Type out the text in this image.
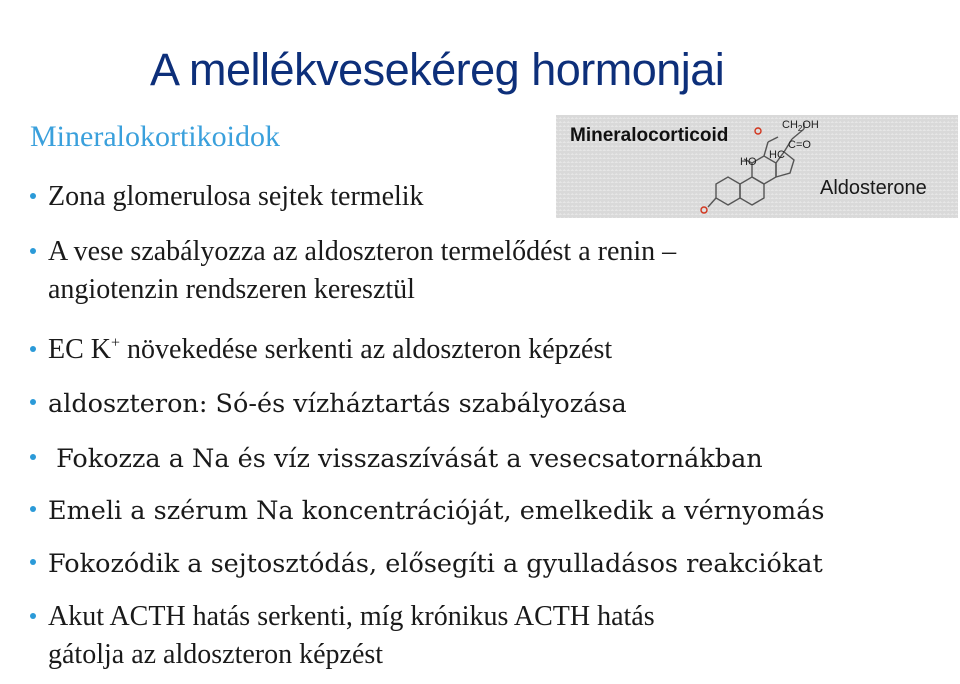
A mellékvesekéreg hormonjai
Mineralokortikoidok	$CH_2OH$
HO
HC
C=O
Mineralocorticoid
Aldosterone
Zona glomerulosa sejtek termelik
A vese szabályozza az aldoszteron termelődést a renin –
angiotenzin rendszeren keresztül
EC K+ növekedése serkenti az aldoszteron képzést
aldoszteron: Só-és vízháztartás szabályozása
Fokozza a Na és víz visszaszívását a vesecsatornákban
Emeli a szérum Na koncentrációját, emelkedik a vérnyomás
Fokozódik a sejtosztódás, elősegíti a gyulladásos reakciókat
Akut ACTH hatás serkenti, míg krónikus ACTH hatás
gátolja az aldoszteron képzést
